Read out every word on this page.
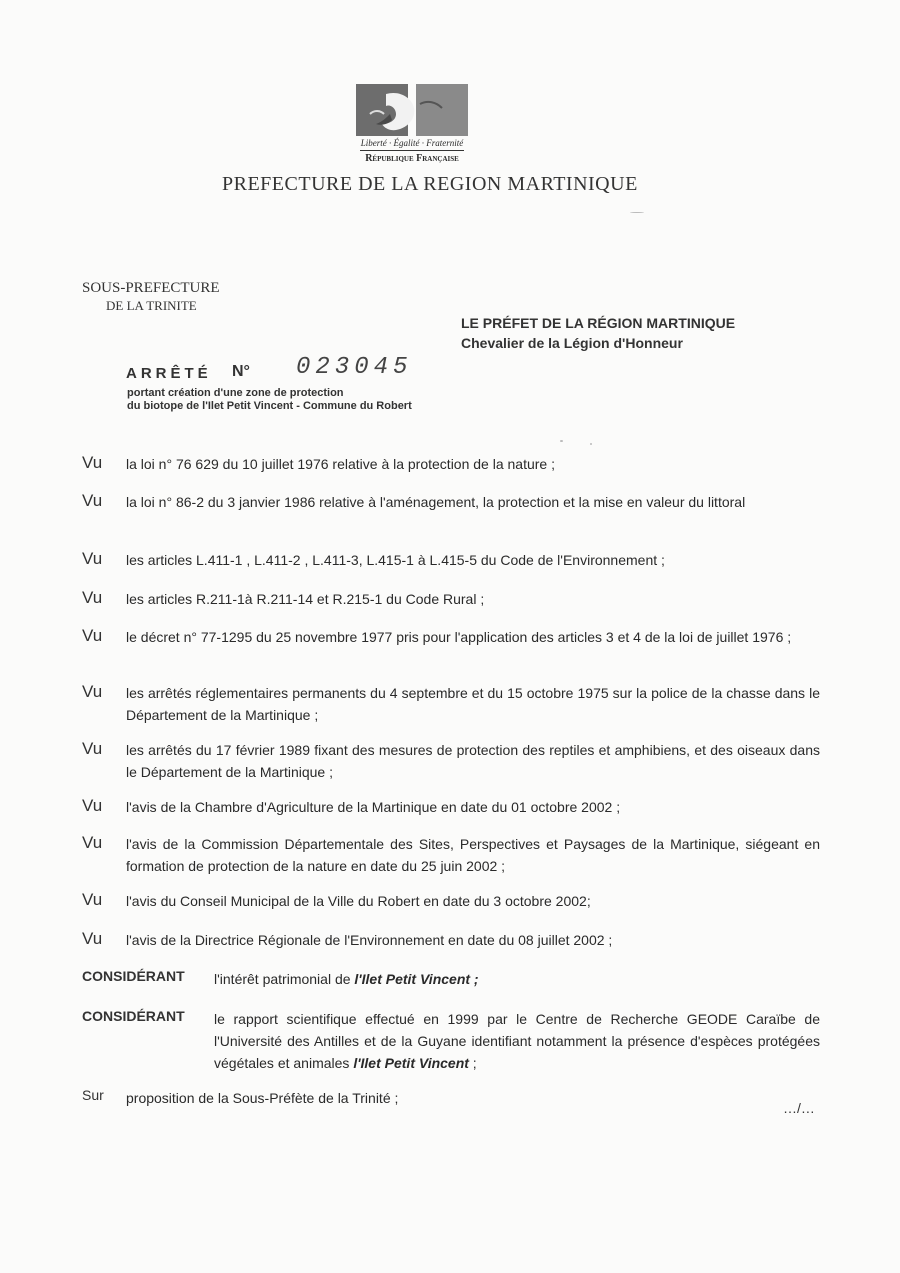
Liberté · Égalité · Fraternité
République Française
PREFECTURE DE LA REGION MARTINIQUE
SOUS-PREFECTURE
DE LA TRINITE
LE PRÉFET DE LA RÉGION MARTINIQUE
Chevalier de la Légion d'Honneur
ARRÊTÉ N° 023045
portant création d'une zone de protection
du biotope de l'Ilet Petit Vincent - Commune du Robert
Vu la loi n° 76 629 du 10 juillet 1976 relative à la protection de la nature ;
Vu la loi n° 86-2 du 3 janvier 1986 relative à l'aménagement, la protection et la mise en valeur du littoral
Vu les articles L.411-1 , L.411-2 , L.411-3, L.415-1 à L.415-5 du Code de l'Environnement ;
Vu les articles R.211-1à R.211-14 et R.215-1 du Code Rural ;
Vu le décret n° 77-1295 du 25 novembre 1977 pris pour l'application des articles 3 et 4 de la loi de juillet 1976 ;
Vu les arrêtés réglementaires permanents du 4 septembre et du 15 octobre 1975 sur la police de la chasse dans le Département de la Martinique ;
Vu les arrêtés du 17 février 1989 fixant des mesures de protection des reptiles et amphibiens, et des oiseaux dans le Département de la Martinique ;
Vu l'avis de la Chambre d'Agriculture de la Martinique en date du 01 octobre 2002 ;
Vu l'avis de la Commission Départementale des Sites, Perspectives et Paysages de la Martinique, siégeant en formation de protection de la nature en date du 25 juin 2002 ;
Vu l'avis du Conseil Municipal de la Ville du Robert en date du 3 octobre 2002;
Vu l'avis de la Directrice Régionale de l'Environnement en date du 08 juillet 2002 ;
CONSIDÉRANT l'intérêt patrimonial de l'Ilet Petit Vincent ;
CONSIDÉRANT le rapport scientifique effectué en 1999 par le Centre de Recherche GEODE Caraïbe de l'Université des Antilles et de la Guyane identifiant notamment la présence d'espèces protégées végétales et animales l'Ilet Petit Vincent ;
Sur proposition de la Sous-Préfète de la Trinité ;
…/…
